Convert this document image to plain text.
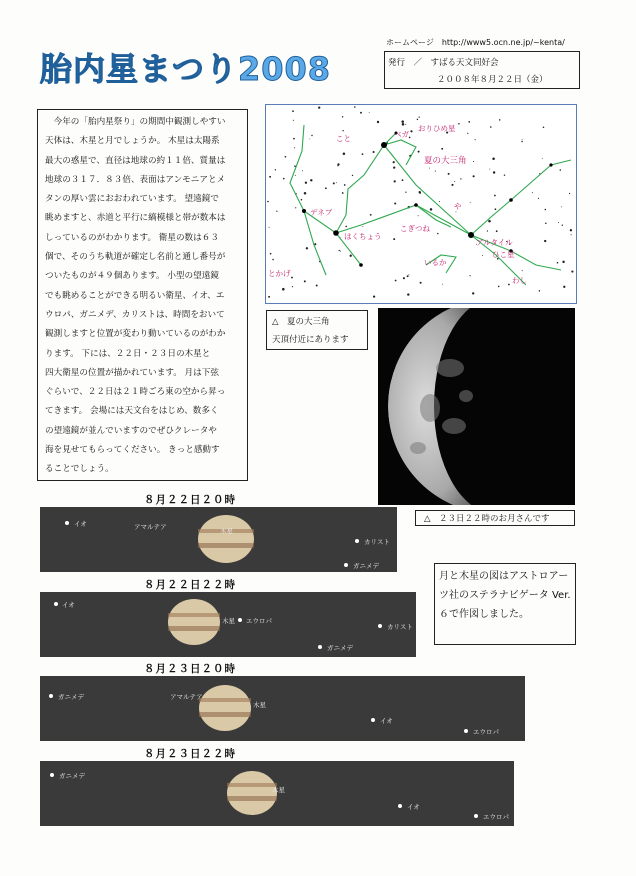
胎内星まつり2008
ホームページ　http://www5.ocn.ne.jp/~kenta/
発行　／　すばる天文同好会
２００８年８月２２日（金）
　今年の「胎内星祭り」の期間中観測しやすい
天体は、木星と月でしょうか。 木星は太陽系
最大の惑星で、直径は地球の約１１倍、質量は
地球の３１７．８３倍、表面はアンモニアとメ
タンの厚い雲におおわれています。 望遠鏡で
眺めますと、赤道と平行に縞模様と帯が数本は
しっているのがわかります。 衛星の数は６３
個で、そのうち軌道が確定し名前と通し番号が
ついたものが４９個あります。 小型の望遠鏡
でも眺めることができる明るい衛星、イオ、エ
ウロパ、ガニメデ、カリストは、時間をおいて
観測しますと位置が変わり動いているのがわか
ります。 下には、２２日・２３日の木星と
四大衛星の位置が描かれています。 月は下弦
ぐらいで、２２日は２１時ごろ東の空から昇っ
てきます。 会場には天文台をはじめ、数多く
の望遠鏡が並んでいますのでぜひクレータや
海を見せてもらってください。 きっと感動す
ることでしょう。
ベガ
おりひめ星
こと
夏の大三角
デネブ
はくちょう
こぎつね
や
アルタイル
ひこ星
いるか
わし
とかげ
△　夏の大三角
天頂付近にあります
△　２３日２２時のお月さんです
月と木星の図はアストロアーツ社のステラナビゲータ Ver.６で作図しました。
８月２２日２０時
イオ	アマルテア	木星
カリスト
ガニメデ
８月２２日２２時
イオ
木星 エウロパ
カリスト
ガニメデ
８月２３日２０時
ガニメデ	アマルテア
木星
イオ
エウロパ
８月２３日２２時
ガニメデ
木星
イオ
エウロパ
